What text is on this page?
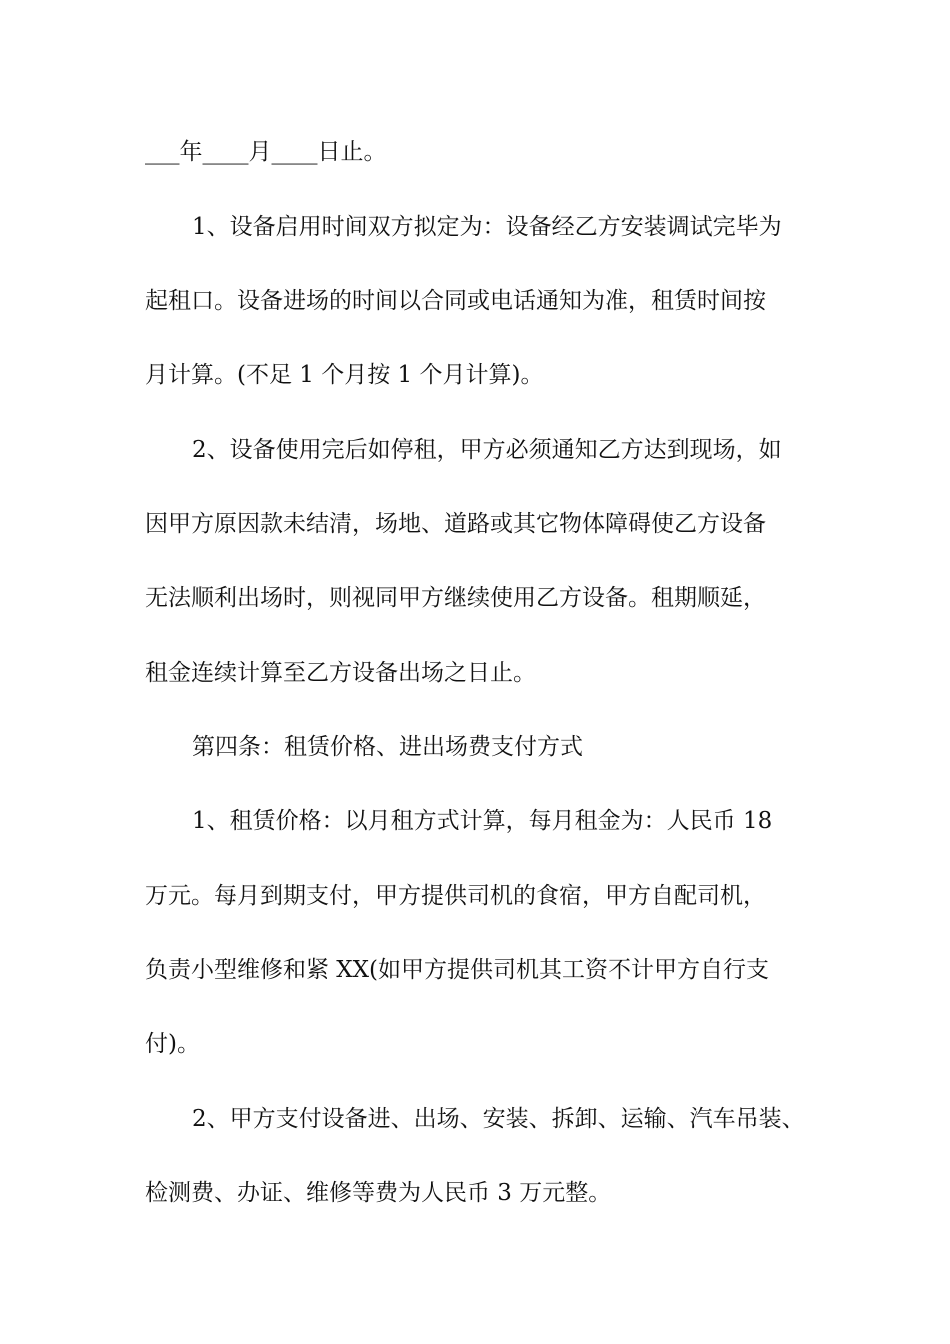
___年____月____日止。
1、设备启用时间双方拟定为：设备经乙方安装调试完毕为
起租口。设备进场的时间以合同或电话通知为准，租赁时间按
月计算。(不足 1 个月按 1 个月计算)。
2、设备使用完后如停租，甲方必须通知乙方达到现场，如
因甲方原因款未结清，场地、道路或其它物体障碍使乙方设备
无法顺利出场时，则视同甲方继续使用乙方设备。租期顺延，
租金连续计算至乙方设备出场之日止。
第四条：租赁价格、进出场费支付方式
1、租赁价格：以月租方式计算，每月租金为：人民币 18
万元。每月到期支付，甲方提供司机的食宿，甲方自配司机，
负责小型维修和紧 XX(如甲方提供司机其工资不计甲方自行支
付)。
2、甲方支付设备进、出场、安装、拆卸、运输、汽车吊装、
检测费、办证、维修等费为人民币 3 万元整。
